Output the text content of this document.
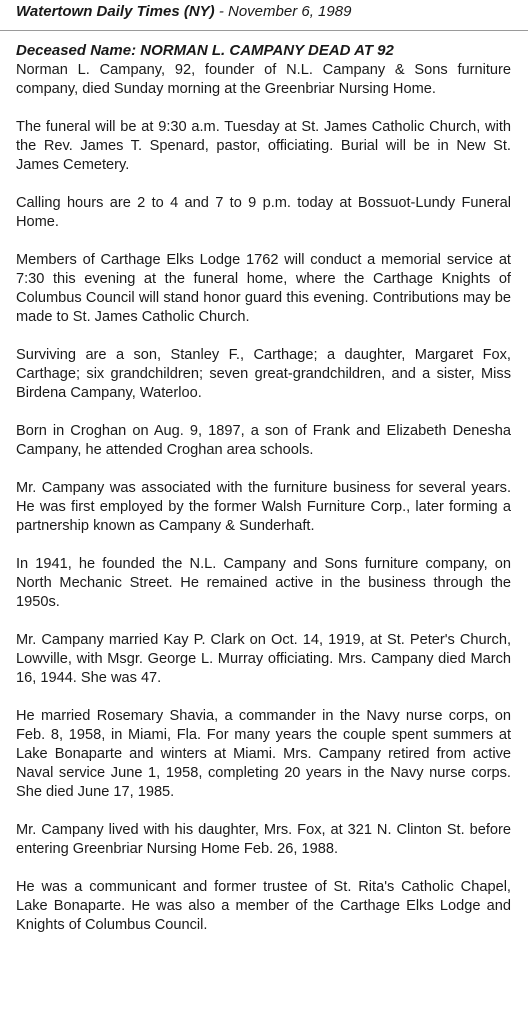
Watertown Daily Times (NY) - November 6, 1989
Deceased Name: NORMAN L. CAMPANY DEAD AT 92

Norman L. Campany, 92, founder of N.L. Campany & Sons furniture company, died Sunday morning at the Greenbriar Nursing Home.

The funeral will be at 9:30 a.m. Tuesday at St. James Catholic Church, with the Rev. James T. Spenard, pastor, officiating. Burial will be in New St. James Cemetery.

Calling hours are 2 to 4 and 7 to 9 p.m. today at Bossuot-Lundy Funeral Home.

Members of Carthage Elks Lodge 1762 will conduct a memorial service at 7:30 this evening at the funeral home, where the Carthage Knights of Columbus Council will stand honor guard this evening. Contributions may be made to St. James Catholic Church.

Surviving are a son, Stanley F., Carthage; a daughter, Margaret Fox, Carthage; six grandchildren; seven great-grandchildren, and a sister, Miss Birdena Campany, Waterloo.

Born in Croghan on Aug. 9, 1897, a son of Frank and Elizabeth Denesha Campany, he attended Croghan area schools.

Mr. Campany was associated with the furniture business for several years. He was first employed by the former Walsh Furniture Corp., later forming a partnership known as Campany & Sunderhaft.

In 1941, he founded the N.L. Campany and Sons furniture company, on North Mechanic Street. He remained active in the business through the 1950s.

Mr. Campany married Kay P. Clark on Oct. 14, 1919, at St. Peter's Church, Lowville, with Msgr. George L. Murray officiating. Mrs. Campany died March 16, 1944. She was 47.

He married Rosemary Shavia, a commander in the Navy nurse corps, on Feb. 8, 1958, in Miami, Fla. For many years the couple spent summers at Lake Bonaparte and winters at Miami. Mrs. Campany retired from active Naval service June 1, 1958, completing 20 years in the Navy nurse corps. She died June 17, 1985.

Mr. Campany lived with his daughter, Mrs. Fox, at 321 N. Clinton St. before entering Greenbriar Nursing Home Feb. 26, 1988.

He was a communicant and former trustee of St. Rita's Catholic Chapel, Lake Bonaparte. He was also a member of the Carthage Elks Lodge and Knights of Columbus Council.
